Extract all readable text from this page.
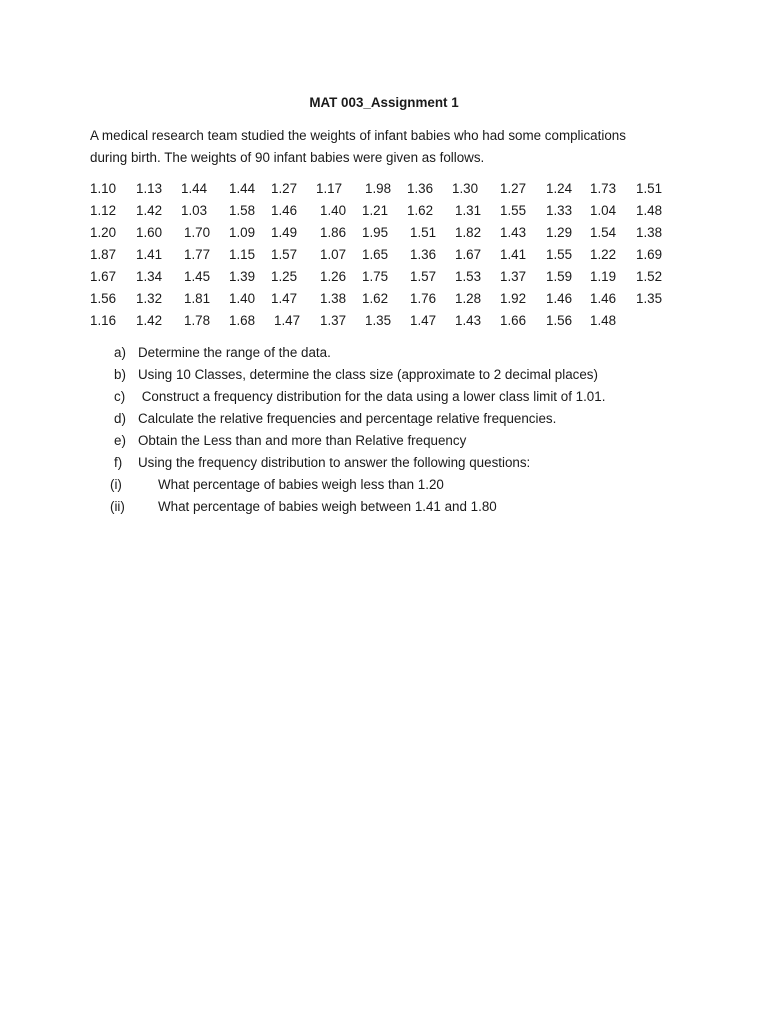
MAT 003_Assignment 1
A medical research team studied the weights of infant babies who had some complications
during birth. The weights of 90 infant babies were given as follows.
1.10 1.13 1.44 1.44 1.27 1.17 1.98 1.36 1.30 1.27 1.24 1.73 1.51
1.12 1.42 1.03 1.58 1.46 1.40 1.21 1.62 1.31 1.55 1.33 1.04 1.48
1.20 1.60 1.70 1.09 1.49 1.86 1.95 1.51 1.82 1.43 1.29 1.54 1.38
1.87 1.41 1.77 1.15 1.57 1.07 1.65 1.36 1.67 1.41 1.55 1.22 1.69
1.67 1.34 1.45 1.39 1.25 1.26 1.75 1.57 1.53 1.37 1.59 1.19 1.52
1.56 1.32 1.81 1.40 1.47 1.38 1.62 1.76 1.28 1.92 1.46 1.46 1.35
1.16 1.42 1.78 1.68 1.47 1.37 1.35 1.47 1.43 1.66 1.56 1.48
a) Determine the range of the data.
b) Using 10 Classes, determine the class size (approximate to 2 decimal places)
c) Construct a frequency distribution for the data using a lower class limit of 1.01.
d) Calculate the relative frequencies and percentage relative frequencies.
e) Obtain the Less than and more than Relative frequency
f) Using the frequency distribution to answer the following questions:
(i)	What percentage of babies weigh less than 1.20
(ii) What percentage of babies weigh between 1.41 and 1.80
